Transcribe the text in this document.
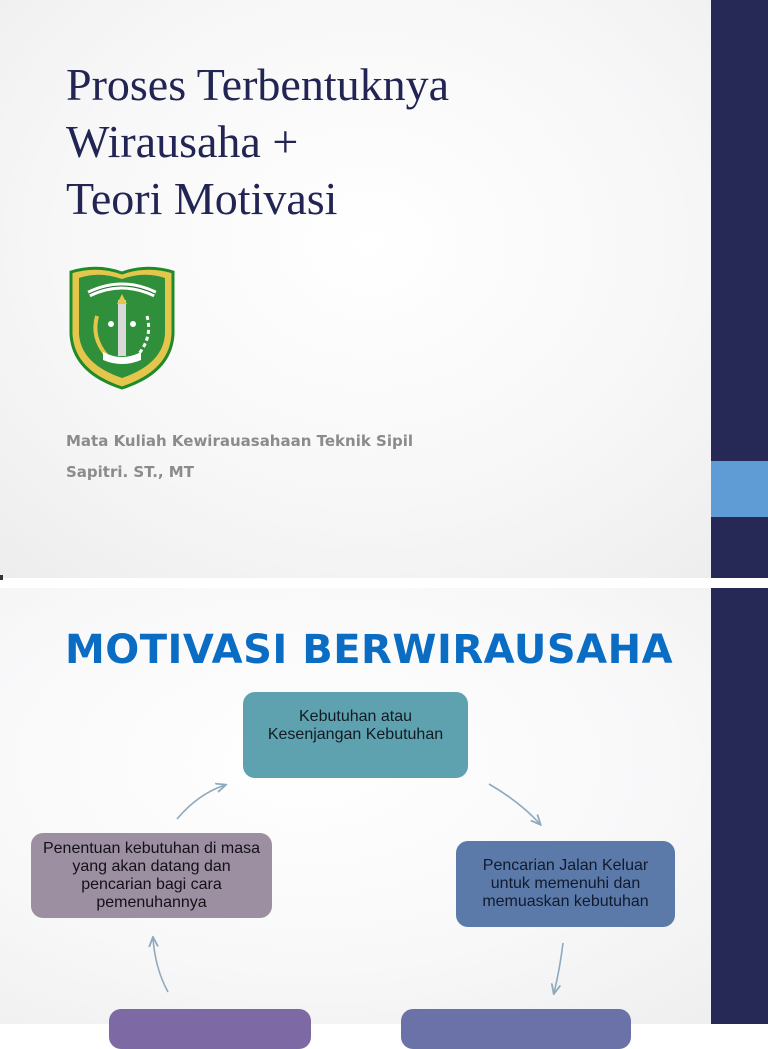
Proses Terbentuknya
Wirausaha +
Teori Motivasi
Mata Kuliah Kewirauasahaan Teknik Sipil
Sapitri. ST., MT
MOTIVASI BERWIRAUSAHA
Kebutuhan atau Kesenjangan Kebutuhan
Pencarian Jalan Keluar untuk memenuhi dan memuaskan kebutuhan
Penentuan kebutuhan di masa yang akan datang dan pencarian bagi cara pemenuhannya
